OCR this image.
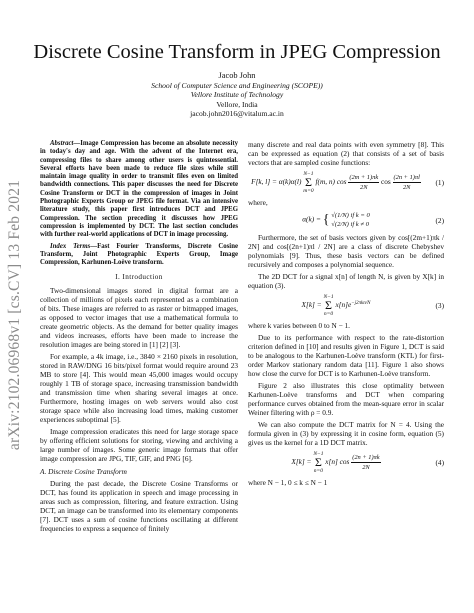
arXiv:2102.06968v1 [cs.CV] 13 Feb 2021
Discrete Cosine Transform in JPEG Compression
Jacob John
School of Computer Science and Engineering (SCOPE))
Vellore Institute of Technology
Vellore, India
jacob.john2016@vitalum.ac.in

Abstract—Image Compression has become an absolute necessity in today's day and age. With the advent of the Internet era, compressing files to share among other users is quintessential. Several efforts have been made to reduce file sizes while still maintain image quality in order to transmit files even on limited bandwidth connections. This paper discusses the need for Discrete Cosine Transform or DCT in the compression of images in Joint Photographic Experts Group or JPEG file format. Via an intensive literature study, this paper first introduces DCT and JPEG Compression. The section preceding it discusses how JPEG compression is implemented by DCT. The last section concludes with further real-world applications of DCT in image processing.

Index Terms—Fast Fourier Transforms, Discrete Cosine Transform, Joint Photographic Experts Group, Image Compression, Karhunen-Loève transform.

I. Introduction

Two-dimensional images stored in digital format are a collection of millions of pixels each represented as a combination of bits. These images are referred to as raster or bitmapped images, as opposed to vector images that use a mathematical formula to create geometric objects. As the demand for better quality images and videos increases, efforts have been made to increase the resolution images are being stored in [1] [2] [3].

For example, a 4k image, i.e., 3840 × 2160 pixels in resolution, stored in RAW/DNG 16 bits/pixel format would require around 23 MB to store [4]. This would mean 45,000 images would occupy roughly 1 TB of storage space, increasing transmission bandwidth and transmission time when sharing several images at once. Furthermore, hosting images on web servers would also cost storage space while also increasing load times, making customer experiences suboptimal [5].

Image compression eradicates this need for large storage space by offering efficient solutions for storing, viewing and archiving a large number of images. Some generic image formats that offer image compression are JPG, TIF, GIF, and PNG [6].

A. Discrete Cosine Transform

During the past decade, the Discrete Cosine Transforms or DCT, has found its application in speech and image processing in areas such as compression, filtering, and feature extraction. Using DCT, an image can be transformed into its elementary components [7]. DCT uses a sum of cosine functions oscillating at different frequencies to express a sequence of finitely

many discrete and real data points with even symmetry [8]. This can be expressed as equation (2) that consists of a set of basis vectors that are sampled cosine functions:

F[k, l] = α(k)α(l) N−1
Σ
m=0 f(m, n) $\cos \frac{(2m + 1)\pi k}{2N}$ $\cos \frac{(2n + 1)\pi l}{2N}$	(1)

where,

α(k) = { √(1/N) if k = 0
√(2/N) if k ≠ 0	(2)

Furthermore, the set of basis vectors given by cos[(2m+1)πk / 2N] and cos[(2n+1)πl / 2N] are a class of discrete Chebyshev polynomials [9]. Thus, these basis vectors can be defined recursively and composes a polynomial sequence.

The 2D DCT for a signal x[n] of length N, is given by X[k] in equation (3).

X[k] = N−1
Σ
n=0 $x[n]e^{-j2\pi kn/N}$	(3)

where k varies between 0 to N − 1.

Due to its performance with respect to the rate-distortion criterion defined in [10] and results given in Figure 1, DCT is said to be analogous to the Karhunen-Loève transform (KTL) for first-order Markov stationary random data [11]. Figure 1 also shows how close the curve for DCT is to Karhunen-Loève transform.

Figure 2 also illustrates this close optimality between Karhunen-Loève transforms and DCT when comparing performance curves obtained from the mean-square error in scalar Weiner filtering with ρ = 0.9.

We can also compute the DCT matrix for N = 4. Using the formula given in (3) by expressing it in cosine form, equation (5) gives us the kernel for a 1D DCT matrix.

X[k] = N−1
Σ
n=0 x[n] $\cos \frac{(2n + 1)\pi k}{2N}$	(4)

where N − 1, 0 ≤ k ≤ N − 1
